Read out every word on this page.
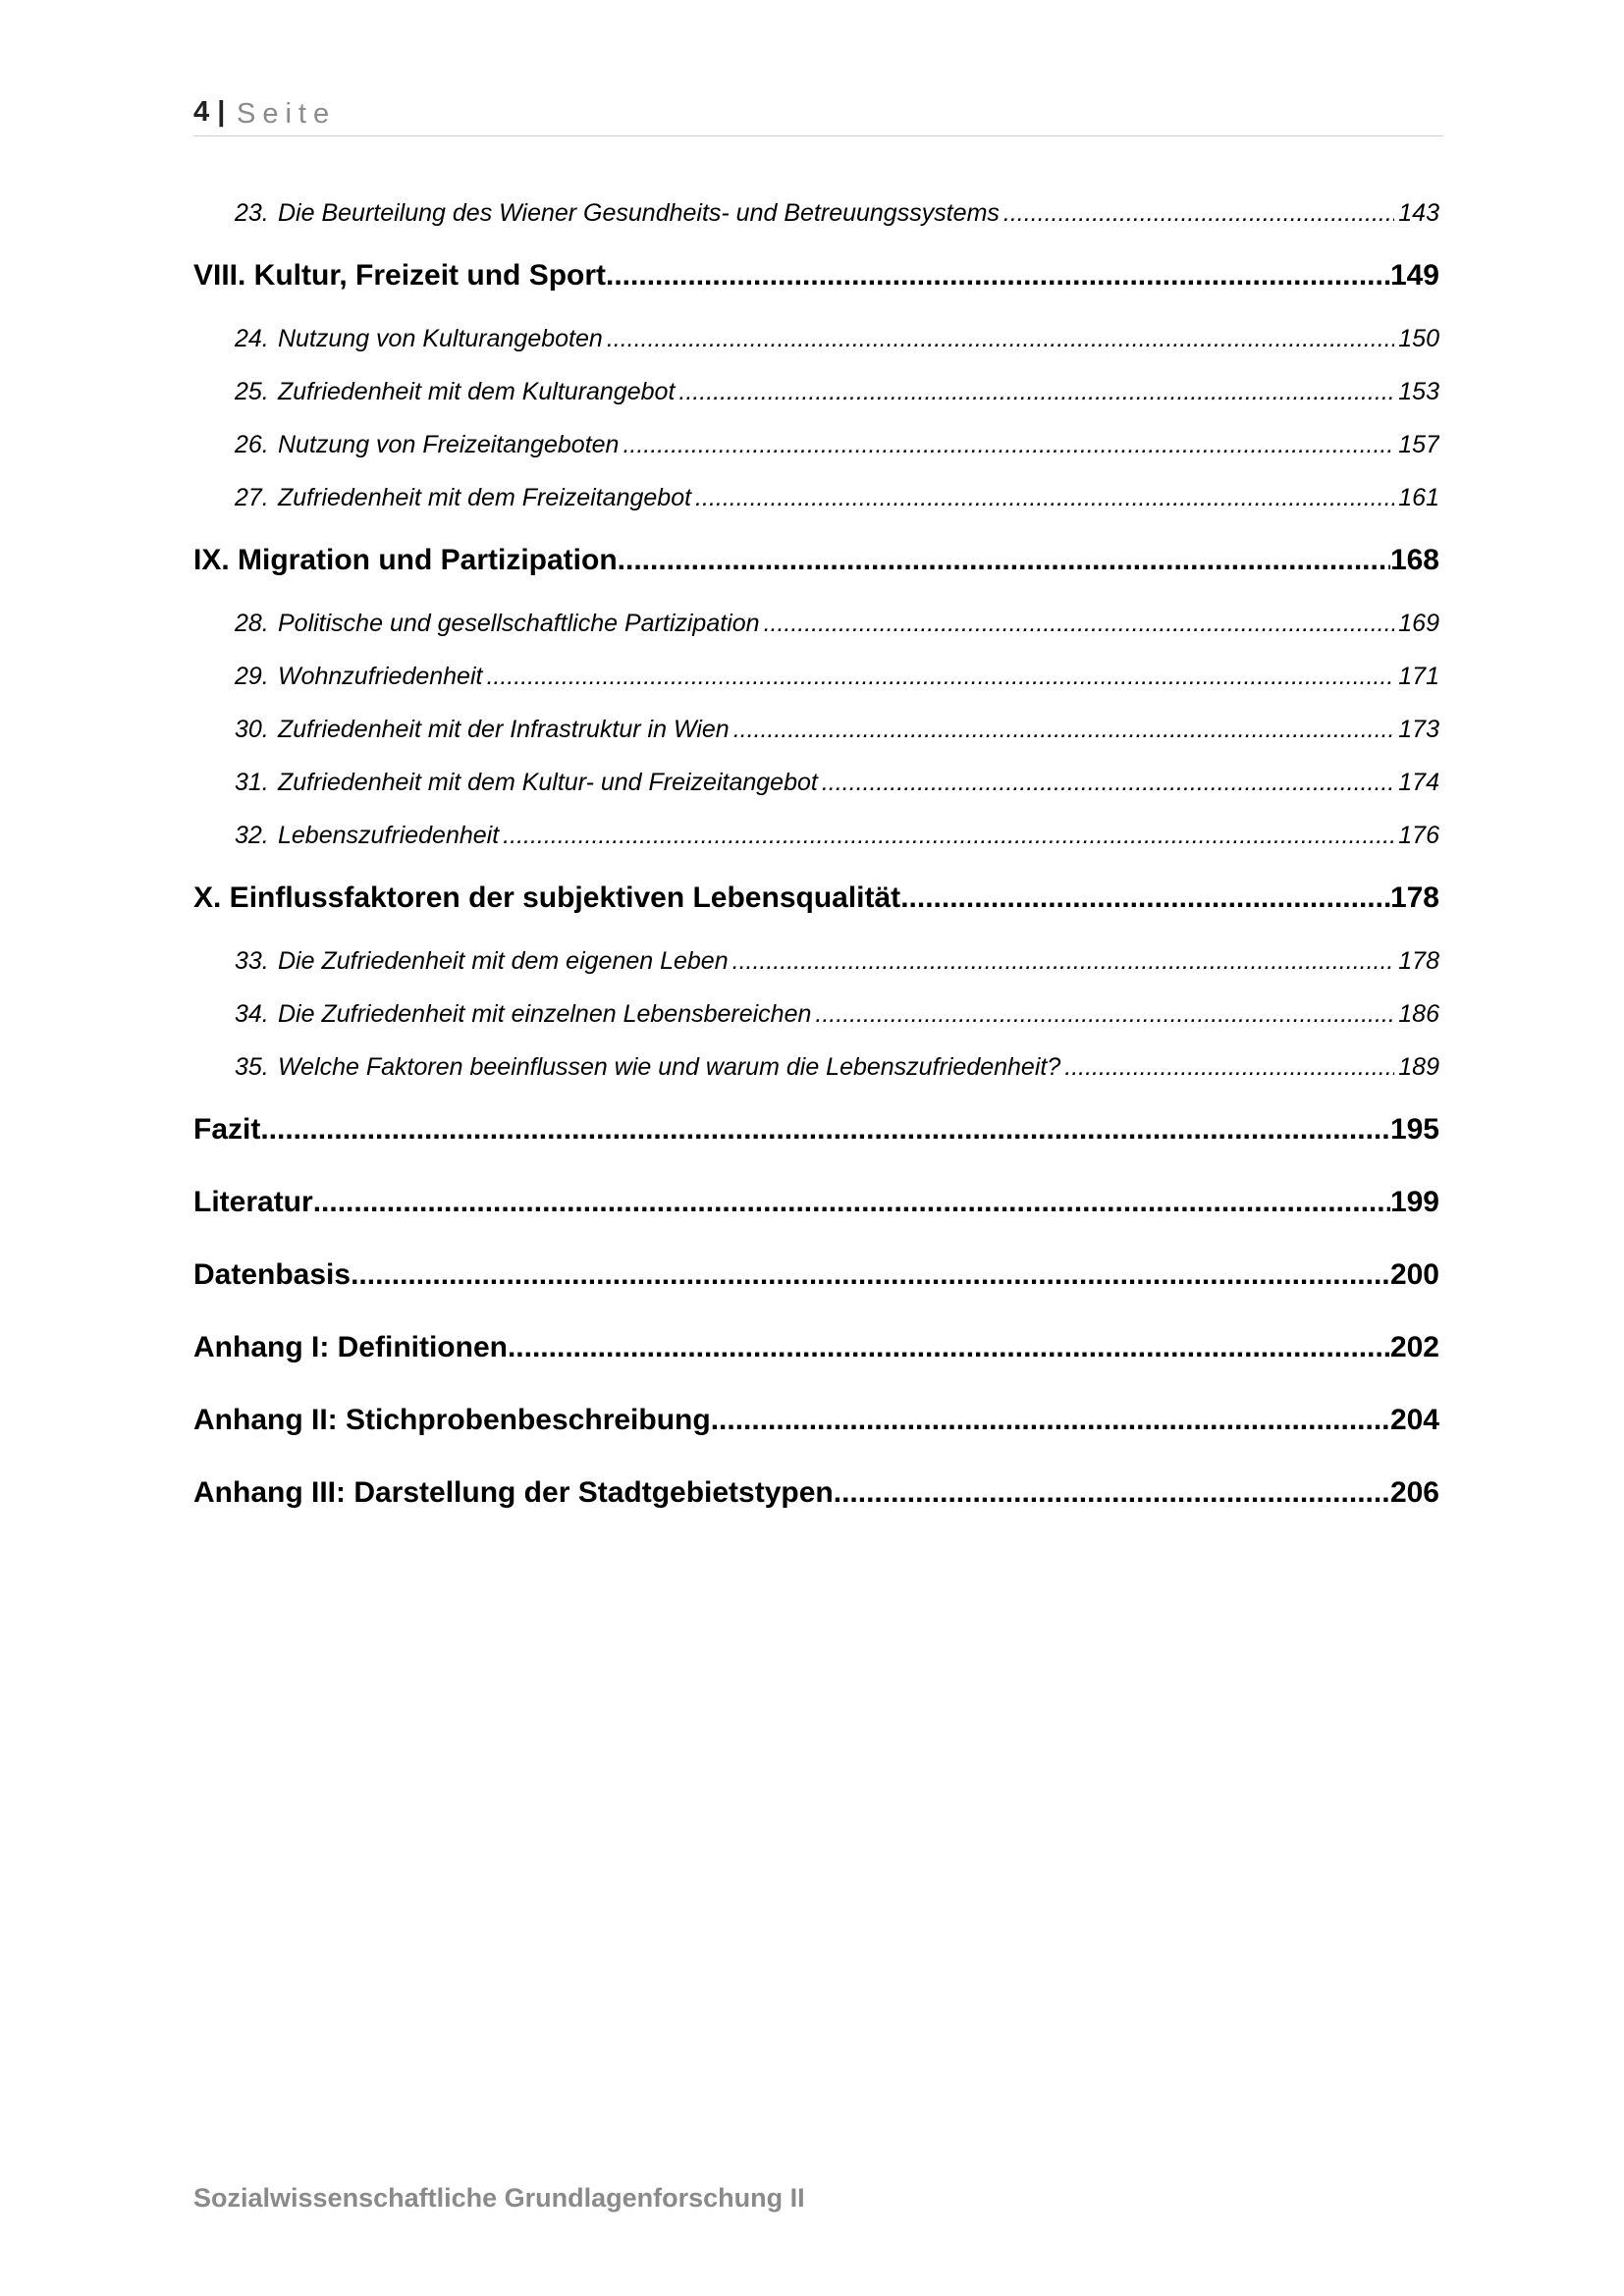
4 | Seite
23. Die Beurteilung des Wiener Gesundheits- und Betreuungssystems .....	143
VIII. Kultur, Freizeit und Sport .....	149
24. Nutzung von Kulturangeboten .....	150
25. Zufriedenheit mit dem Kulturangebot .....	153
26. Nutzung von Freizeitangeboten .....	157
27. Zufriedenheit mit dem Freizeitangebot .....	161
IX. Migration und Partizipation .....	168
28. Politische und gesellschaftliche Partizipation .....	169
29. Wohnzufriedenheit .....	171
30. Zufriedenheit mit der Infrastruktur in Wien .....	173
31. Zufriedenheit mit dem Kultur- und Freizeitangebot .....	174
32. Lebenszufriedenheit .....	176
X. Einflussfaktoren der subjektiven Lebensqualität .....	178
33. Die Zufriedenheit mit dem eigenen Leben .....	178
34. Die Zufriedenheit mit einzelnen Lebensbereichen .....	186
35. Welche Faktoren beeinflussen wie und warum die Lebenszufriedenheit? .....	189
Fazit .....	195
Literatur .....	199
Datenbasis .....	200
Anhang I: Definitionen .....	202
Anhang II: Stichprobenbeschreibung .....	204
Anhang III: Darstellung der Stadtgebietstypen .....	206
Sozialwissenschaftliche Grundlagenforschung II
